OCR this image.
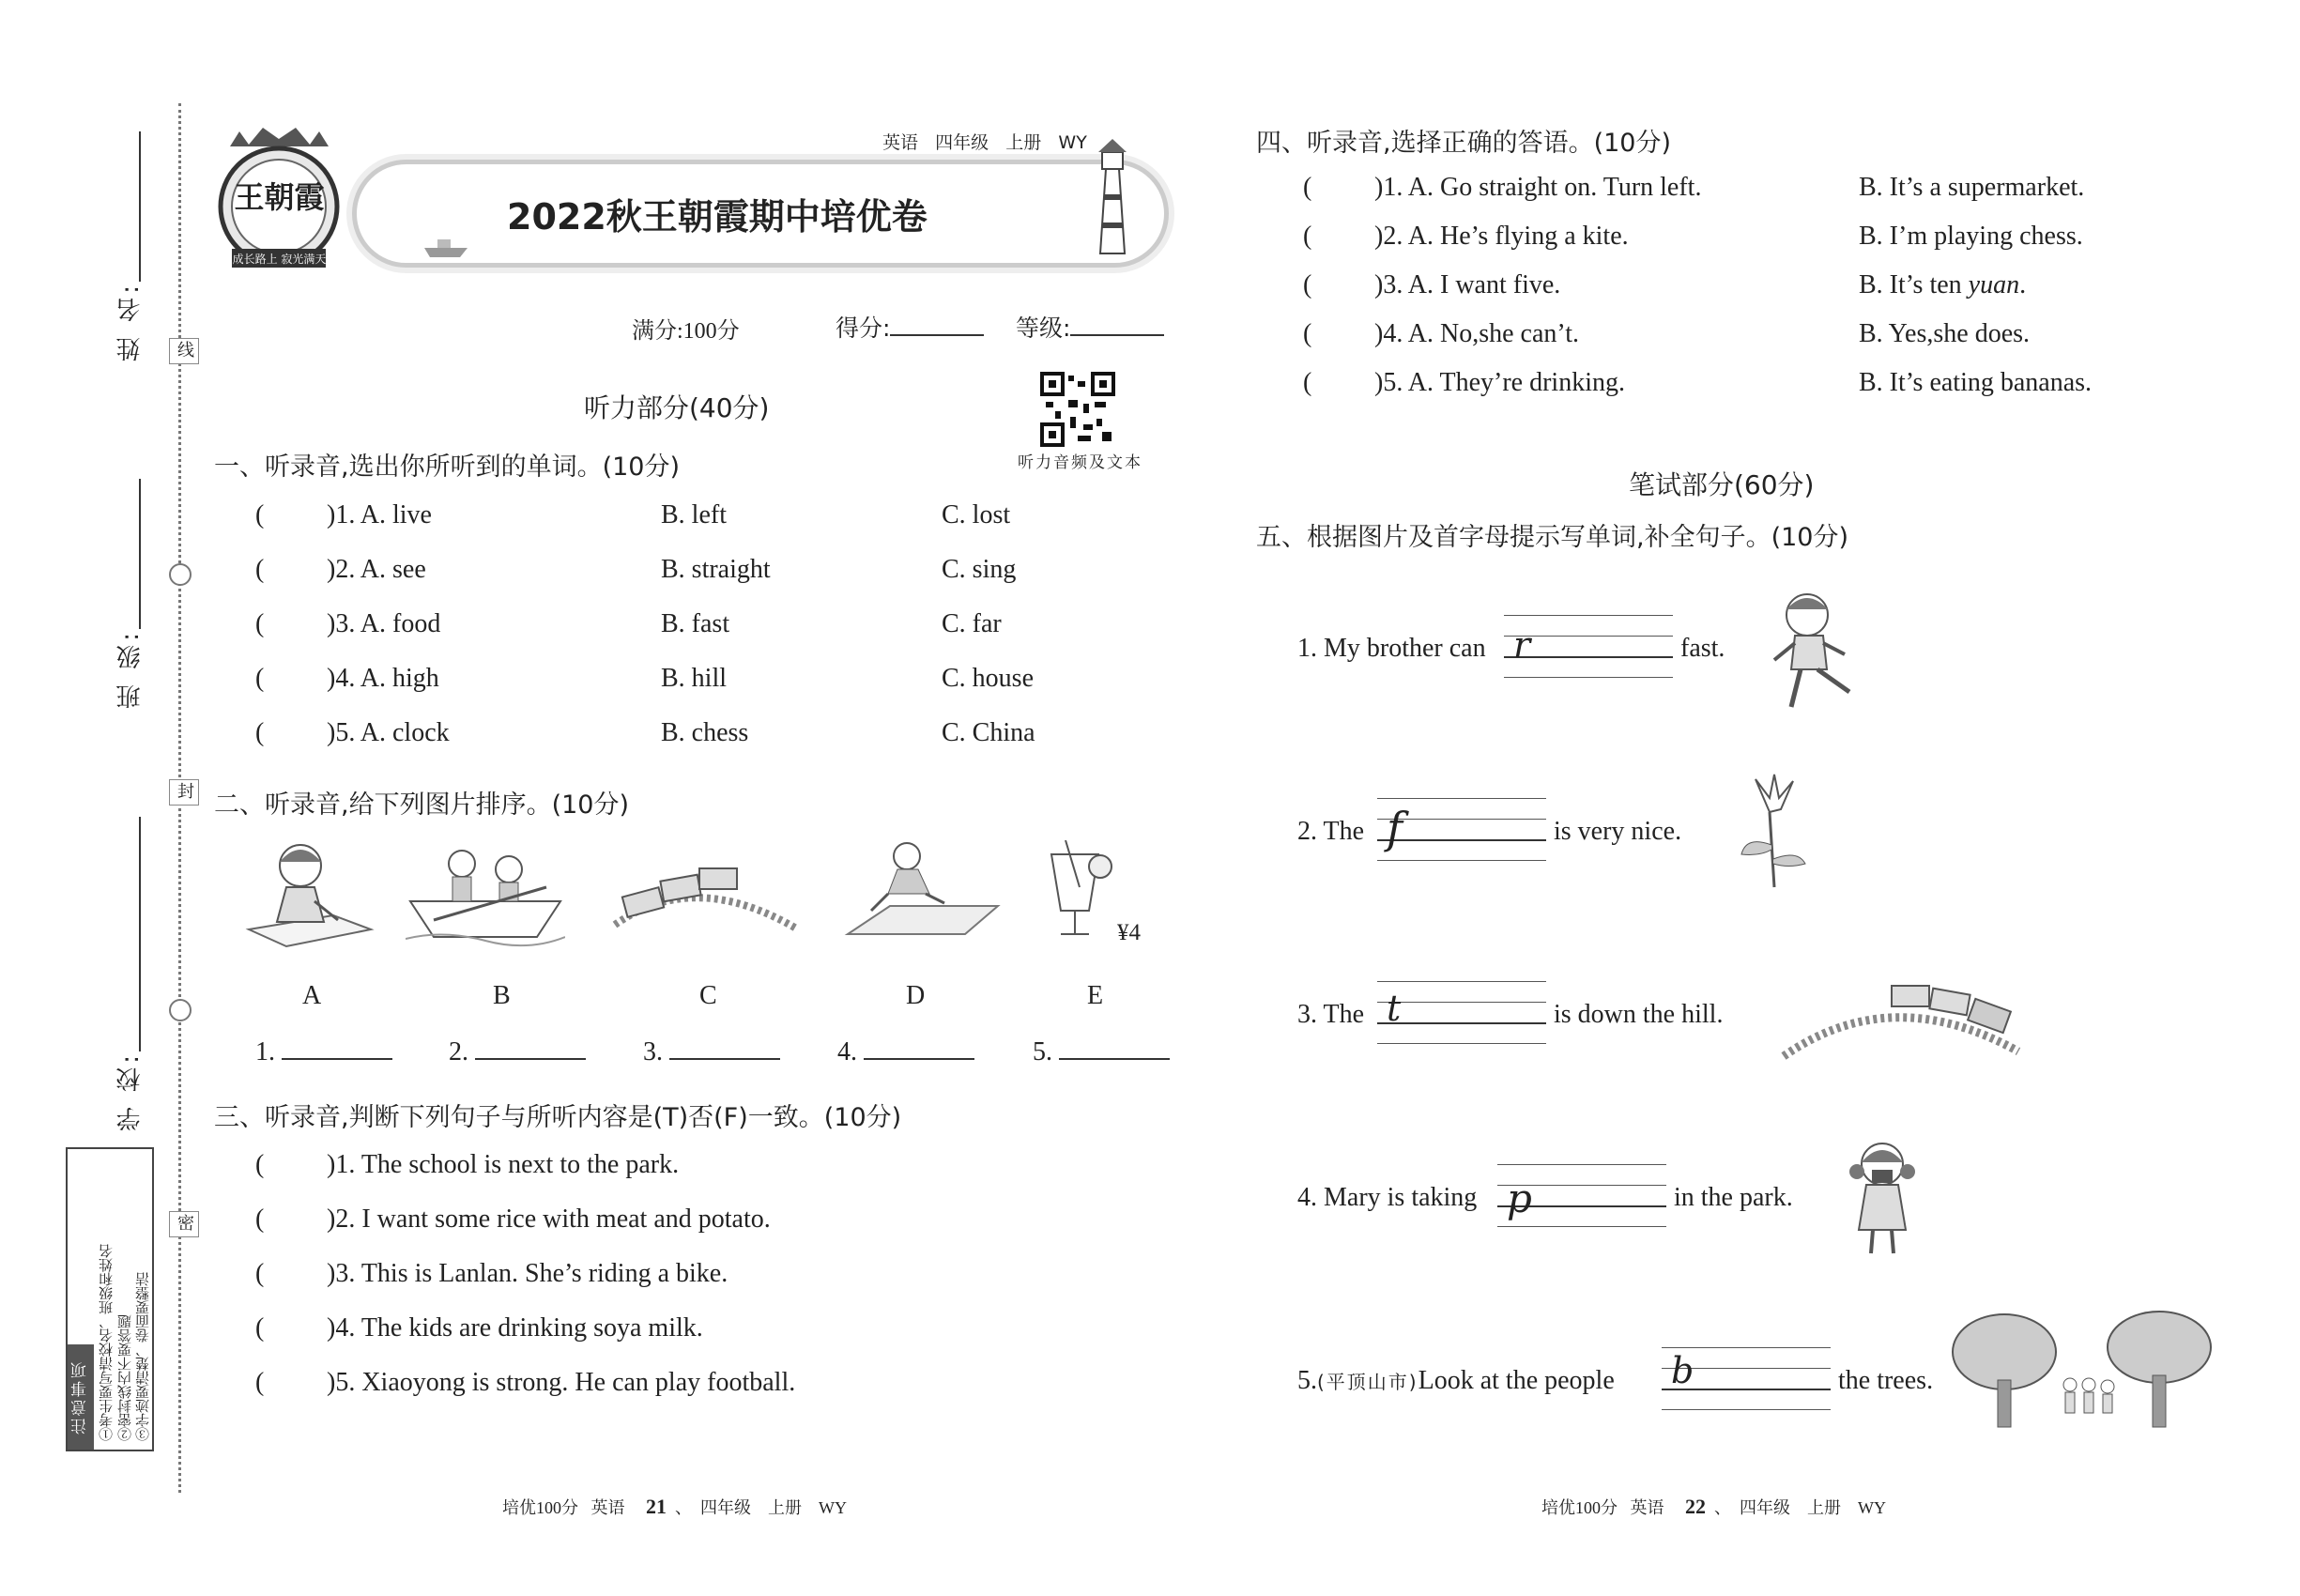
线
封
密
姓 名:
班 级:
学 校:
注意事项 ①考生要写清校名、班级和姓名 ②密封线内不要答题 ③字迹要清楚、卷面要整洁
王朝霞
成长路上 寂光满天
英语 四年级 上册 WY
2022秋王朝霞期中培优卷
满分:100分	得分:	等级:
听力音频及文本
听力部分(40分)
一、听录音,选出你所听到的单词。(10分)
( )1. A. live	B. left	C. lost
( )2. A. see	B. straight	C. sing
( )3. A. food	B. fast	C. far
( )4. A. high	B. hill	C. house
( )5. A. clock	B. chess	C. China
二、听录音,给下列图片排序。(10分)
¥4
A	B	C	D	E
1.	2.	3.	4.	5.
三、听录音,判断下列句子与所听内容是(T)否(F)一致。(10分)
( )1. The school is next to the park.
( )2. I want some rice with meat and potato.
( )3. This is Lanlan. She’s riding a bike.
( )4. The kids are drinking soya milk.
( )5. Xiaoyong is strong. He can play football.
四、听录音,选择正确的答语。(10分)
( )1. A. Go straight on. Turn left.	B. It’s a supermarket.
( )2. A. He’s flying a kite.	B. I’m playing chess.
( )3. A. I want five.	B. It’s ten yuan.
( )4. A. No,she can’t.	B. Yes,she does.
( )5. A. They’re drinking.	B. It’s eating bananas.
笔试部分(60分)
五、根据图片及首字母提示写单词,补全句子。(10分)
1. My brother can r	fast.
2. The f	is very nice.
3. The t	is down the hill.
4. Mary is taking p	in the park.
5.(平顶山市)Look at the people b	the trees.
培优100分 英语 21  、  四年级 上册 WY	培优100分 英语 22  、  四年级 上册 WY
